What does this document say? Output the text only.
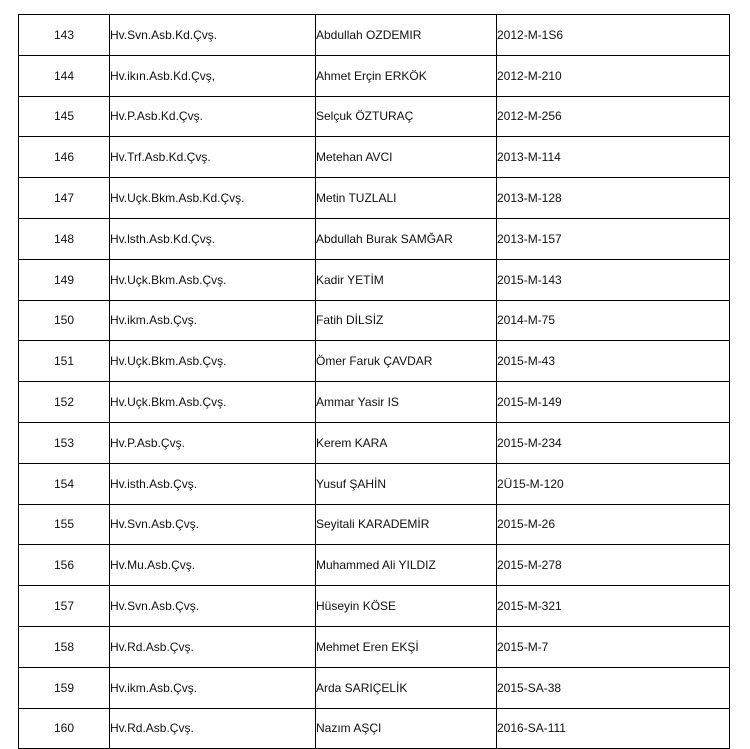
143	Hv.Svn.Asb.Kd.Çvş.	Abdullah OZDEMIR	2012-M-1S6
144	Hv.ikın.Asb.Kd.Çvş,	Ahmet Erçin ERKÖK	2012-M-210
145	Hv.P.Asb.Kd.Çvş.	Selçuk ÖZTURAÇ	2012-M-256
146	Hv.Trf.Asb.Kd.Çvş.	Metehan AVCI	2013-M-114
147	Hv.Uçk.Bkm.Asb.Kd.Çvş.	Metin TUZLALI	2013-M-128
148	Hv.lsth.Asb.Kd.Çvş.	Abdullah Burak SAMĞAR	2013-M-157
149	Hv.Uçk.Bkm.Asb.Çvş.	Kadir YETİM	2015-M-143
150	Hv.ikm.Asb.Çvş.	Fatih DİLSİZ	2014-M-75
151	Hv.Uçk.Bkm.Asb.Çvş.	Ömer Faruk ÇAVDAR	2015-M-43
152	Hv.Uçk.Bkm.Asb.Çvş.	Ammar Yasir IS	2015-M-149
153	Hv.P.Asb.Çvş.	Kerem KARA	2015-M-234
154	Hv.isth.Asb.Çvş.	Yusuf ŞAHİN	2Ü15-M-120
155	Hv.Svn.Asb.Çvş.	Seyitali KARADEMİR	2015-M-26
156	Hv.Mu.Asb.Çvş.	Muhammed Ali YILDIZ	2015-M-278
157	Hv.Svn.Asb.Çvş.	Hüseyin KÖSE	2015-M-321
158	Hv.Rd.Asb.Çvş.	Mehmet Eren EKŞİ	2015-M-7
159	Hv.ikm.Asb.Çvş.	Arda SARIÇELİK	2015-SA-38
160	Hv.Rd.Asb.Çvş.	Nazım AŞÇI	2016-SA-111
